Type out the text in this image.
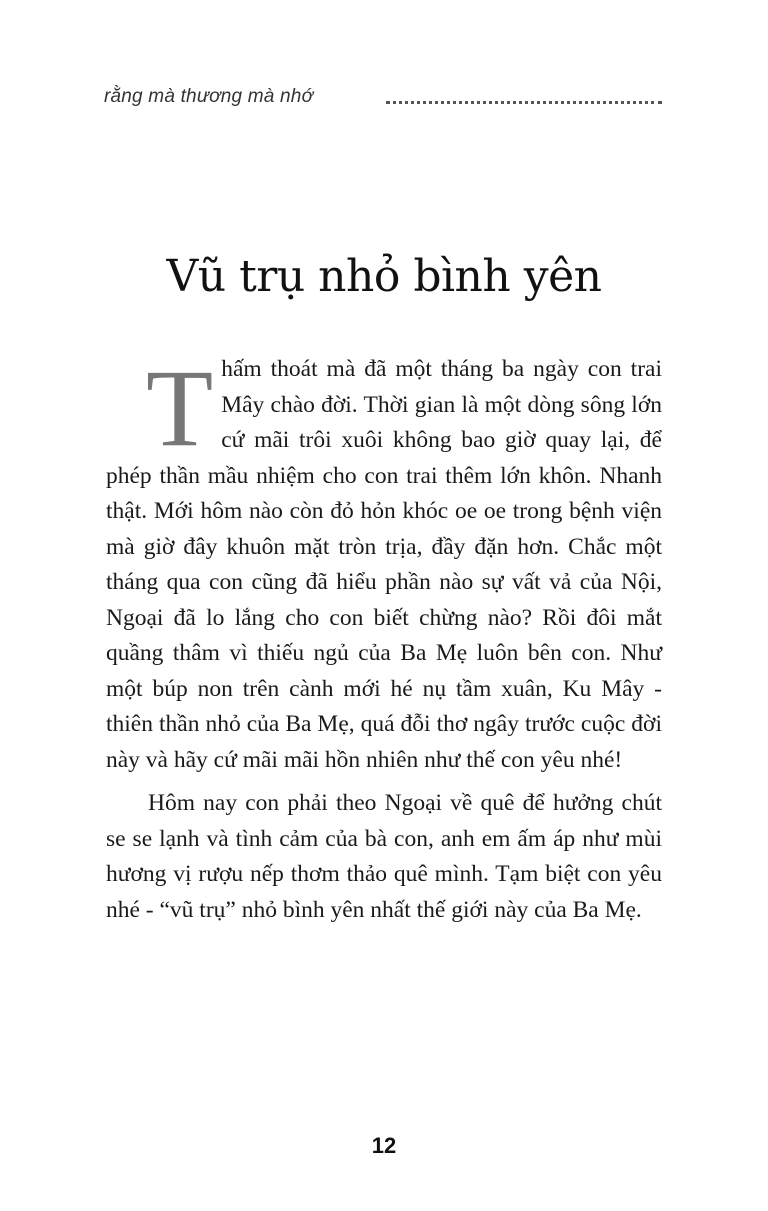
rằng mà thương mà nhớ
Vũ trụ nhỏ bình yên

Thấm thoát mà đã một tháng ba ngày con trai Mây chào đời. Thời gian là một dòng sông lớn cứ mãi trôi xuôi không bao giờ quay lại, để phép thần mầu nhiệm cho con trai thêm lớn khôn. Nhanh thật. Mới hôm nào còn đỏ hỏn khóc oe oe trong bệnh viện mà giờ đây khuôn mặt tròn trịa, đầy đặn hơn. Chắc một tháng qua con cũng đã hiểu phần nào sự vất vả của Nội, Ngoại đã lo lắng cho con biết chừng nào? Rồi đôi mắt quầng thâm vì thiếu ngủ của Ba Mẹ luôn bên con. Như một búp non trên cành mới hé nụ tầm xuân, Ku Mây - thiên thần nhỏ của Ba Mẹ, quá đỗi thơ ngây trước cuộc đời này và hãy cứ mãi mãi hồn nhiên như thế con yêu nhé!

Hôm nay con phải theo Ngoại về quê để hưởng chút se se lạnh và tình cảm của bà con, anh em ấm áp như mùi hương vị rượu nếp thơm thảo quê mình. Tạm biệt con yêu nhé - “vũ trụ” nhỏ bình yên nhất thế giới này của Ba Mẹ.

12
